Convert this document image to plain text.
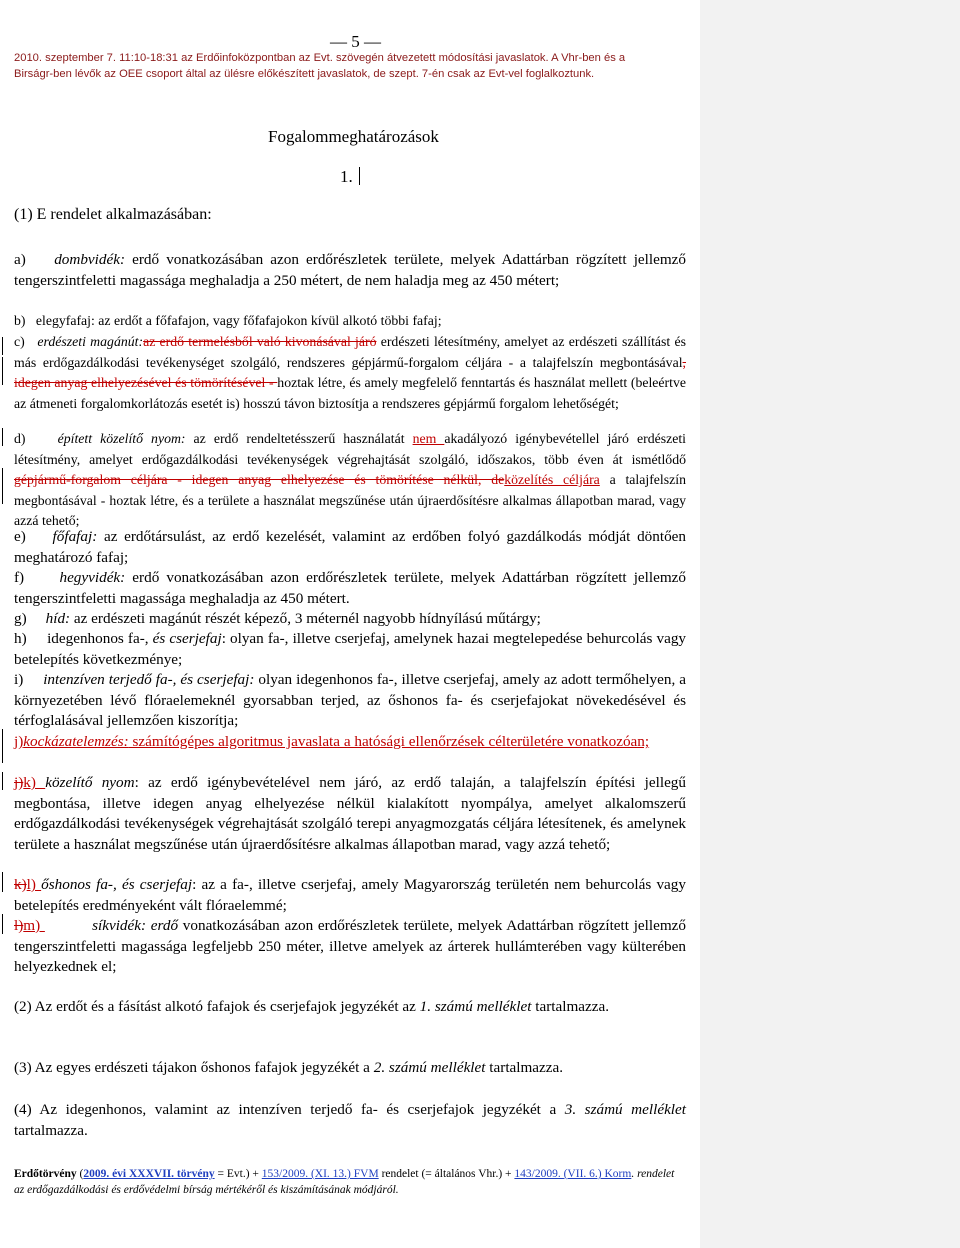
— 5 —
2010. szeptember 7. 11:10-18:31 az Erdőinfoközpontban az Evt. szövegén átvezetett módosítási javaslatok. A Vhr-ben és a
Birságr-ben lévők az OEE csoport által az ülésre előkészített javaslatok, de szept. 7-én csak az Evt-vel foglalkoztunk.
Fogalommeghatározások
1.
(1) E rendelet alkalmazásában:
a) dombvidék: erdő vonatkozásában azon erdőrészletek területe, melyek Adattárban rögzített jellemző tengerszintfeletti magassága meghaladja a 250 métert, de nem haladja meg az 450 métert;
b) elegyfafaj: az erdőt a főfafajon, vagy főfafajokon kívül alkotó többi fafaj;
c) erdészeti magánút:az erdő termelésből való kivonásával járó erdészeti létesítmény, amelyet az erdészeti szállítást és más erdőgazdálkodási tevékenységet szolgáló, rendszeres gépjármű-forgalom céljára - a talajfelszín megbontásával, idegen anyag elhelyezésével és tömörítésével - hoztak létre, és amely megfelelő fenntartás és használat mellett (beleértve az átmeneti forgalomkorlátozás esetét is) hosszú távon biztosítja a rendszeres gépjármű forgalom lehetőségét;
d) épített közelítő nyom: az erdő rendeltetésszerű használatát nem akadályozó igénybevétellel járó erdészeti létesítmény, amelyet erdőgazdálkodási tevékenységek végrehajtását szolgáló, időszakos, több éven át ismétlődő gépjármű-forgalom céljára - idegen anyag elhelyezése és tömörítése nélkül, deközelítés céljára a talajfelszín megbontásával - hoztak létre, és a területe a használat megszűnése után újraerdősítésre alkalmas állapotban marad, vagy azzá tehető;
e) főfafaj: az erdőtársulást, az erdő kezelését, valamint az erdőben folyó gazdálkodás módját döntően meghatározó fafaj;
f) hegyvidék: erdő vonatkozásában azon erdőrészletek területe, melyek Adattárban rögzített jellemző tengerszintfeletti magassága meghaladja az 450 métert.
g) híd: az erdészeti magánút részét képező, 3 méternél nagyobb hídnyílású műtárgy;
h) idegenhonos fa-, és cserjefaj: olyan fa-, illetve cserjefaj, amelynek hazai megtelepedése behurcolás vagy betelepítés következménye;
i) intenzíven terjedő fa-, és cserjefaj: olyan idegenhonos fa-, illetve cserjefaj, amely az adott termőhelyen, a környezetében lévő flóraelemeknél gyorsabban terjed, az őshonos fa- és cserjefajokat növekedésével és térfoglalásával jellemzően kiszorítja;
j)kockázatelemzés: számítógépes algoritmus javaslata a hatósági ellenőrzések célterületére vonatkozóan;
j)k) közelítő nyom: az erdő igénybevételével nem járó, az erdő talaján, a talajfelszín építési jellegű megbontása, illetve idegen anyag elhelyezése nélkül kialakított nyompálya, amelyet alkalomszerű erdőgazdálkodási tevékenységek végrehajtását szolgáló terepi anyagmozgatás céljára létesítenek, és amelynek területe a használat megszűnése után újraerdősítésre alkalmas állapotban marad, vagy azzá tehető;
k)l) őshonos fa-, és cserjefaj: az a fa-, illetve cserjefaj, amely Magyarország területén nem behurcolás vagy betelepítés eredményeként vált flóraelemmé;
l)m)	síkvidék: erdő vonatkozásában azon erdőrészletek területe, melyek Adattárban rögzített jellemző tengerszintfeletti magassága legfeljebb 250 méter, illetve amelyek az árterek hullámterében vagy külterében helyezkednek el;
(2) Az erdőt és a fásítást alkotó fafajok és cserjefajok jegyzékét az 1. számú melléklet tartalmazza.
(3) Az egyes erdészeti tájakon őshonos fafajok jegyzékét a 2. számú melléklet tartalmazza.
(4) Az idegenhonos, valamint az intenzíven terjedő fa- és cserjefajok jegyzékét a 3. számú melléklet tartalmazza.
Erdőtörvény (2009. évi XXXVII. törvény = Evt.) + 153/2009. (XI. 13.) FVM rendelet (= általános Vhr.) + 143/2009. (VII. 6.) Korm. rendelet az erdőgazdálkodási és erdővédelmi bírság mértékéről és kiszámításának módjáról.
